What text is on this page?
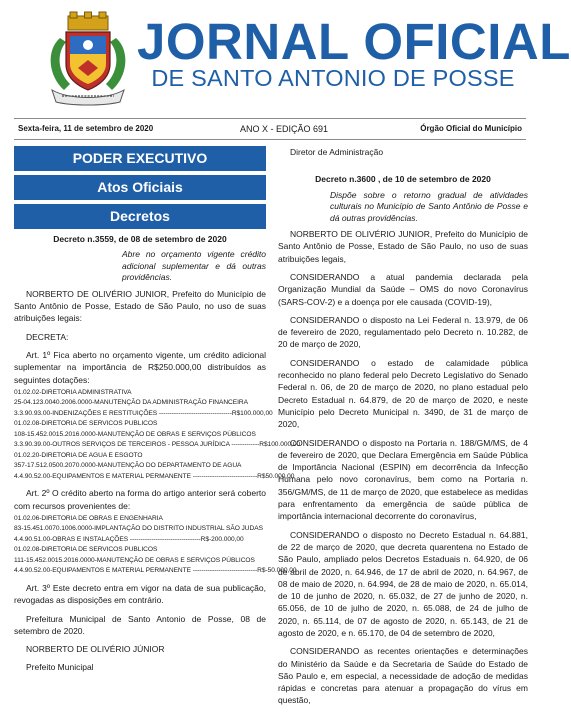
JORNAL OFICIAL
DE SANTO ANTONIO DE POSSE
Sexta-feira, 11 de setembro de 2020	ANO X - EDIÇÃO 691	Órgão Oficial do Município
PODER EXECUTIVO
Atos Oficiais
Decretos
Decreto n.3559, de 08 de setembro de 2020
Abre no orçamento vigente crédito adicional suplementar e dá outras providências.

NORBERTO DE OLIVÉRIO JUNIOR, Prefeito do Município de Santo Antônio de Posse, Estado de São Paulo, no uso de suas atribuições legais:

DECRETA:

Art. 1º Fica aberto no orçamento vigente, um crédito adicional suplementar na importância de R$250.000,00 distribuídos as seguintes dotações:

01.02.02-DIRETORIA ADMINISTRATIVA
25-04.123.0040.2006.0000-MANUTENÇÃO DA ADMINISTRAÇÃO FINANCEIRA
3.3.90.93.00-INDENIZAÇÕES E RESTITUIÇÕES ----------------------------------R$100.000,00
01.02.08-DIRETORIA DE SERVICOS PUBLICOS
108-15.452.0015.2016.0000-MANUTENÇÃO DE OBRAS E SERVIÇOS PÚBLICOS
3.3.90.39.00-OUTROS SERVIÇOS DE TERCEIROS - PESSOA JURÍDICA -------------R$100.000,00
01.02.20-DIRETORIA DE AGUA E ESGOTO
357-17.512.0500.2070.0000-MANUTENÇÃO DO DEPARTAMENTO DE AGUA
4.4.90.52.00-EQUIPAMENTOS E MATERIAL PERMANENTE ------------------------------R$50.000,00

Art. 2º O crédito aberto na forma do artigo anterior será coberto com recursos provenientes de:

01.02.06-DIRETORIA DE OBRAS E ENGENHARIA
83-15.451.0070.1006.0000-IMPLANTAÇÃO DO DISTRITO INDUSTRIAL SÃO JUDAS
4.4.90.51.00-OBRAS E INSTALAÇÕES ---------------------------------R$-200.000,00
01.02.08-DIRETORIA DE SERVICOS PUBLICOS
111-15.452.0015.2016.0000-MANUTENÇÃO DE OBRAS E SERVIÇOS PÚBLICOS
4.4.90.52.00-EQUIPAMENTOS E MATERIAL PERMANENTE ------------------------------R$-50.000,00

Art. 3º Este decreto entra em vigor na data de sua publicação, revogadas as disposições em contrário.

Prefeitura Municipal de Santo Antonio de Posse, 08 de setembro de 2020.

NORBERTO DE OLIVÉRIO JÚNIOR

Prefeito Municipal

Diretor de Administração

Decreto n.3600 , de 10 de setembro de 2020
Dispõe sobre o retorno gradual de atividades culturais no Município de Santo Antônio de Posse e dá outras providências.

NORBERTO DE OLIVÉRIO JUNIOR, Prefeito do Município de Santo Antônio de Posse, Estado de São Paulo, no uso de suas atribuições legais,

CONSIDERANDO a atual pandemia declarada pela Organização Mundial da Saúde – OMS do novo Coronavírus (SARS-COV-2) e a doença por ele causada (COVID-19),

CONSIDERANDO o disposto na Lei Federal n. 13.979, de 06 de fevereiro de 2020, regulamentado pelo Decreto n. 10.282, de 20 de março de 2020,

CONSIDERANDO o estado de calamidade pública reconhecido no plano federal pelo Decreto Legislativo do Senado Federal n. 06, de 20 de março de 2020, no plano estadual pelo Decreto Estadual n. 64.879, de 20 de março de 2020, e neste Município pelo Decreto Municipal n. 3490, de 31 de março de 2020,

CONSIDERANDO o disposto na Portaria n. 188/GM/MS, de 4 de fevereiro de 2020, que Declara Emergência em Saúde Pública de Importância Nacional (ESPIN) em decorrência da Infecção Humana pelo novo coronavírus, bem como na Portaria n. 356/GM/MS, de 11 de março de 2020, que estabelece as medidas para enfrentamento da emergência de saúde pública de importância internacional decorrente do coronavírus,

CONSIDERANDO o disposto no Decreto Estadual n. 64.881, de 22 de março de 2020, que decreta quarentena no Estado de São Paulo, ampliado pelos Decretos Estaduais n. 64.920, de 06 de abril de 2020, n. 64.946, de 17 de abril de 2020, n. 64.967, de 08 de maio de 2020, n. 64.994, de 28 de maio de 2020, n. 65.014, de 10 de junho de 2020, n. 65.032, de 27 de junho de 2020, n. 65.056, de 10 de julho de 2020, n. 65.088, de 24 de julho de 2020, n. 65.114, de 07 de agosto de 2020, n. 65.143, de 21 de agosto de 2020, e n. 65.170, de 04 de setembro de 2020,

CONSIDERANDO as recentes orientações e determinações do Ministério da Saúde e da Secretaria de Saúde do Estado de São Paulo e, em especial, a necessidade de adoção de medidas rápidas e concretas para atenuar a propagação do vírus em questão,
